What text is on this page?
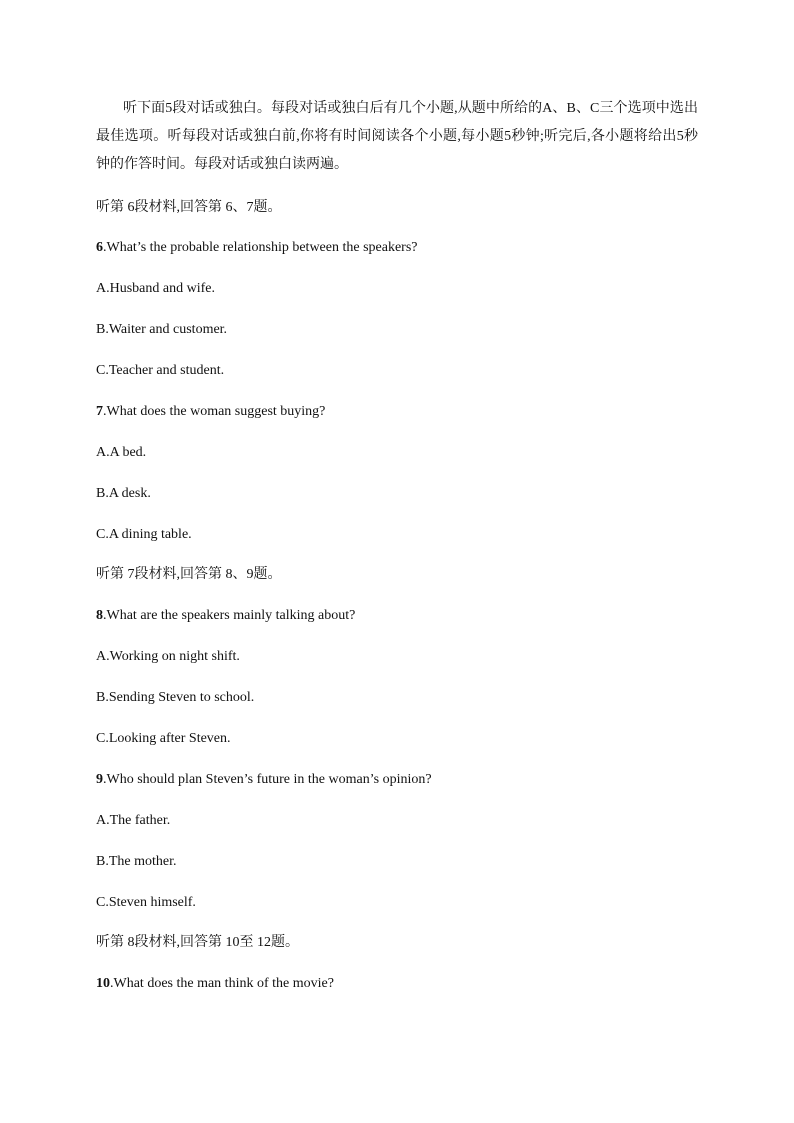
听下面5段对话或独白。每段对话或独白后有几个小题,从题中所给的A、B、C三个选项中选出最佳选项。听每段对话或独白前,你将有时间阅读各个小题,每小题5秒钟;听完后,各小题将给出5秒钟的作答时间。每段对话或独白读两遍。

听第 6段材料,回答第 6、7题。

6.What’s the probable relationship between the speakers?

A.Husband and wife.

B.Waiter and customer.

C.Teacher and student.

7.What does the woman suggest buying?

A.A bed.

B.A desk.

C.A dining table.

听第 7段材料,回答第 8、9题。

8.What are the speakers mainly talking about?

A.Working on night shift.

B.Sending Steven to school.

C.Looking after Steven.

9.Who should plan Steven’s future in the woman’s opinion?

A.The father.

B.The mother.

C.Steven himself.

听第 8段材料,回答第 10至 12题。

10.What does the man think of the movie?
